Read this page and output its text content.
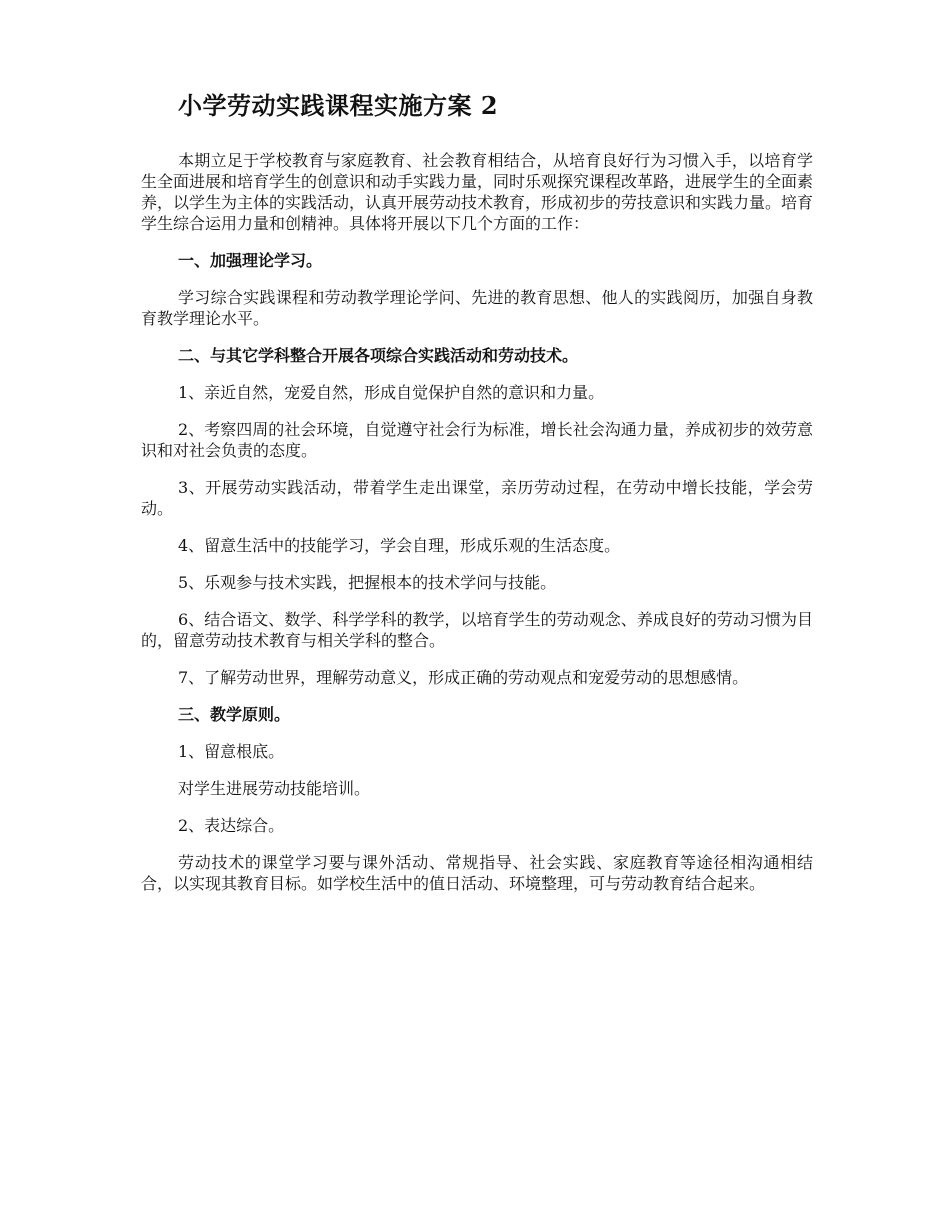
小学劳动实践课程实施方案 2

本期立足于学校教育与家庭教育、社会教育相结合，从培育良好行为习惯入手，以培育学生全面进展和培育学生的创意识和动手实践力量，同时乐观探究课程改革路，进展学生的全面素养，以学生为主体的实践活动，认真开展劳动技术教育，形成初步的劳技意识和实践力量。培育学生综合运用力量和创精神。具体将开展以下几个方面的工作：

一、加强理论学习。

学习综合实践课程和劳动教学理论学问、先进的教育思想、他人的实践阅历，加强自身教育教学理论水平。

二、与其它学科整合开展各项综合实践活动和劳动技术。

1、亲近自然，宠爱自然，形成自觉保护自然的意识和力量。

2、考察四周的社会环境，自觉遵守社会行为标准，增长社会沟通力量，养成初步的效劳意识和对社会负责的态度。

3、开展劳动实践活动，带着学生走出课堂，亲历劳动过程，在劳动中增长技能，学会劳动。

4、留意生活中的技能学习，学会自理，形成乐观的生活态度。

5、乐观参与技术实践，把握根本的技术学问与技能。

6、结合语文、数学、科学学科的教学，以培育学生的劳动观念、养成良好的劳动习惯为目的，留意劳动技术教育与相关学科的整合。

7、了解劳动世界，理解劳动意义，形成正确的劳动观点和宠爱劳动的思想感情。

三、教学原则。

1、留意根底。

对学生进展劳动技能培训。

2、表达综合。

劳动技术的课堂学习要与课外活动、常规指导、社会实践、家庭教育等途径相沟通相结合，以实现其教育目标。如学校生活中的值日活动、环境整理，可与劳动教育结合起来。
